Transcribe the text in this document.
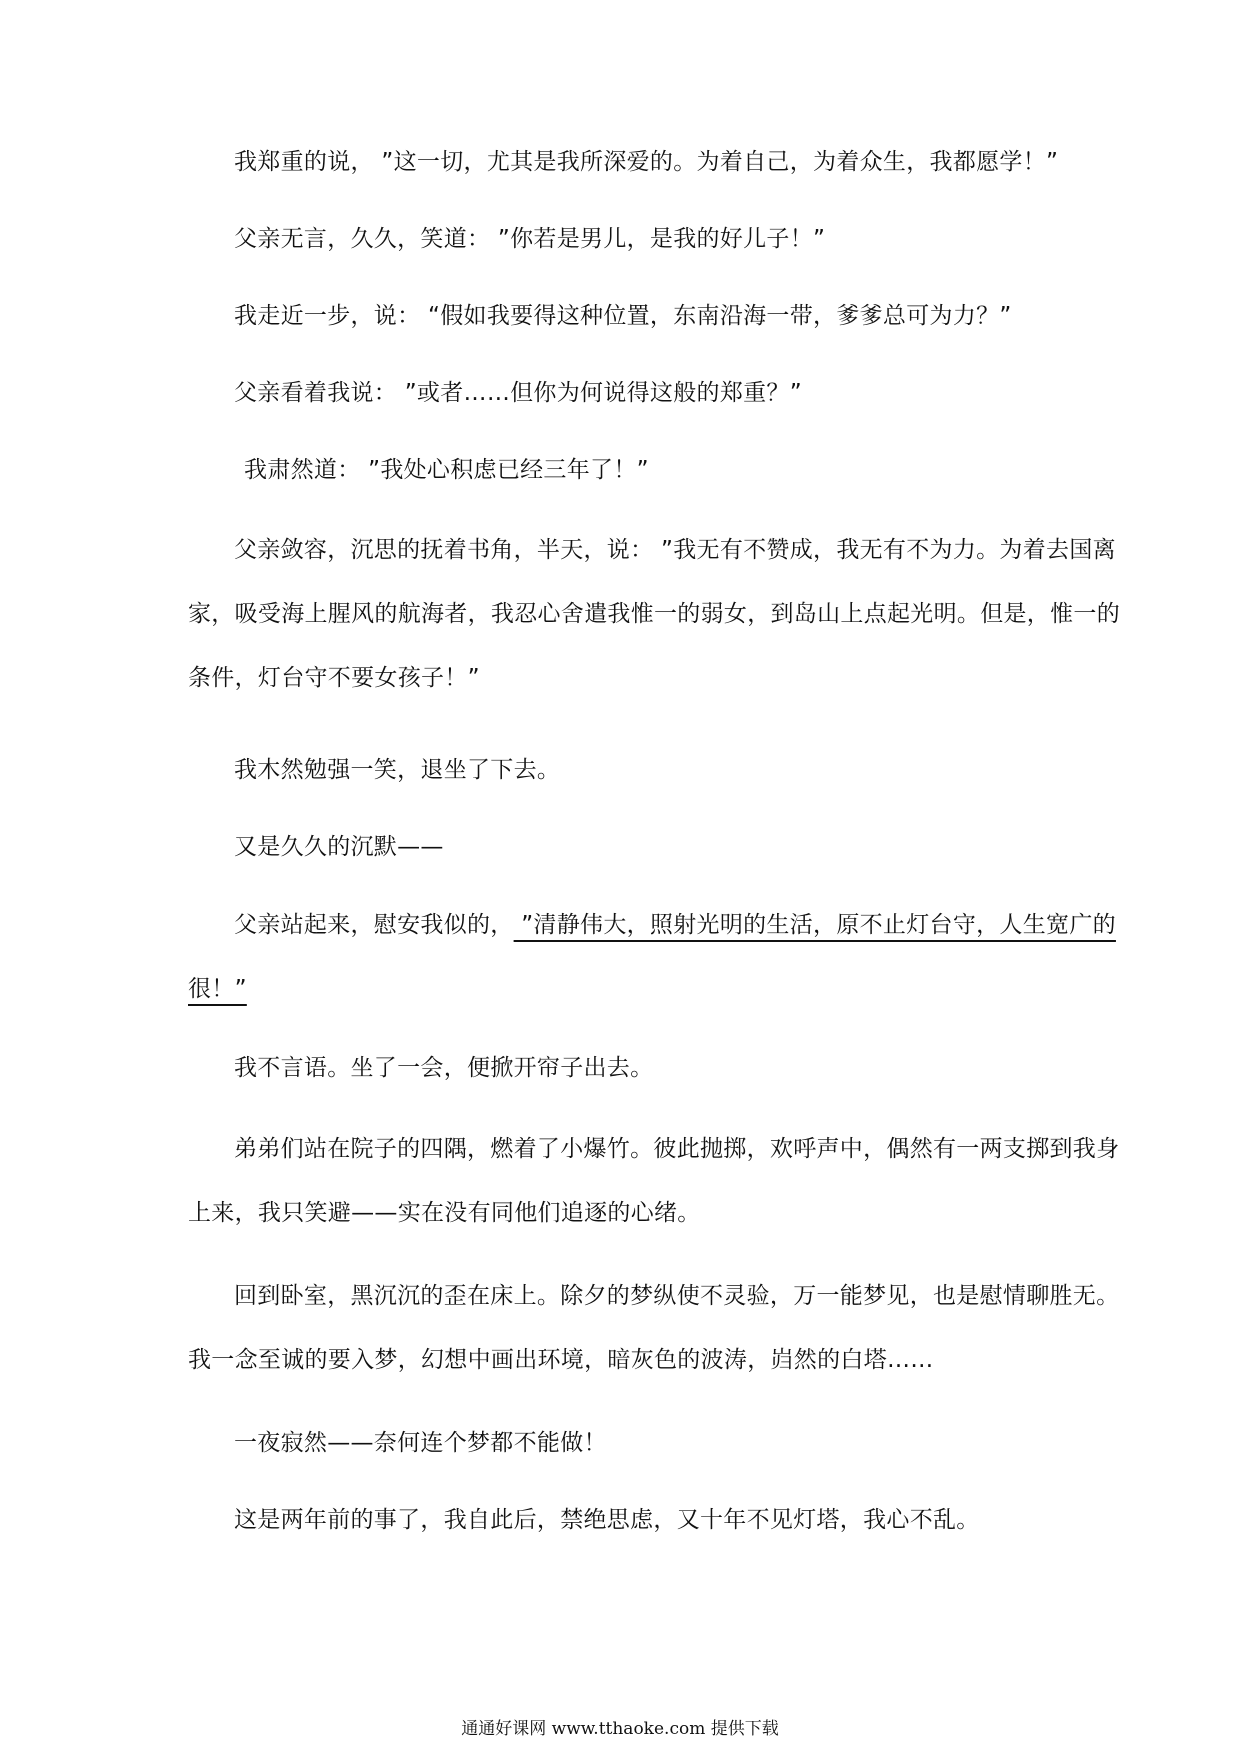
我郑重的说， ”这一切，尤其是我所深爱的。为着自己，为着众生，我都愿学！”

父亲无言，久久，笑道： ”你若是男儿，是我的好儿子！”

我走近一步，说： “假如我要得这种位置，东南沿海一带，爹爹总可为力？”

父亲看着我说： ”或者……但你为何说得这般的郑重？”

我肃然道： ”我处心积虑已经三年了！”

父亲敛容，沉思的抚着书角，半天，说： ”我无有不赞成，我无有不为力。为着去国离
家，吸受海上腥风的航海者，我忍心舍遣我惟一的弱女，到岛山上点起光明。但是，惟一的
条件，灯台守不要女孩子！”

我木然勉强一笑，退坐了下去。

又是久久的沉默——

父亲站起来，慰安我似的， ”清静伟大，照射光明的生活，原不止灯台守，人生宽广的
很！”

我不言语。坐了一会，便掀开帘子出去。

弟弟们站在院子的四隅，燃着了小爆竹。彼此抛掷，欢呼声中，偶然有一两支掷到我身
上来，我只笑避——实在没有同他们追逐的心绪。

回到卧室，黑沉沉的歪在床上。除夕的梦纵使不灵验，万一能梦见，也是慰情聊胜无。
我一念至诚的要入梦，幻想中画出环境，暗灰色的波涛，岿然的白塔……

一夜寂然——奈何连个梦都不能做！

这是两年前的事了，我自此后，禁绝思虑，又十年不见灯塔，我心不乱。

通通好课网 www.tthaoke.com 提供下载
